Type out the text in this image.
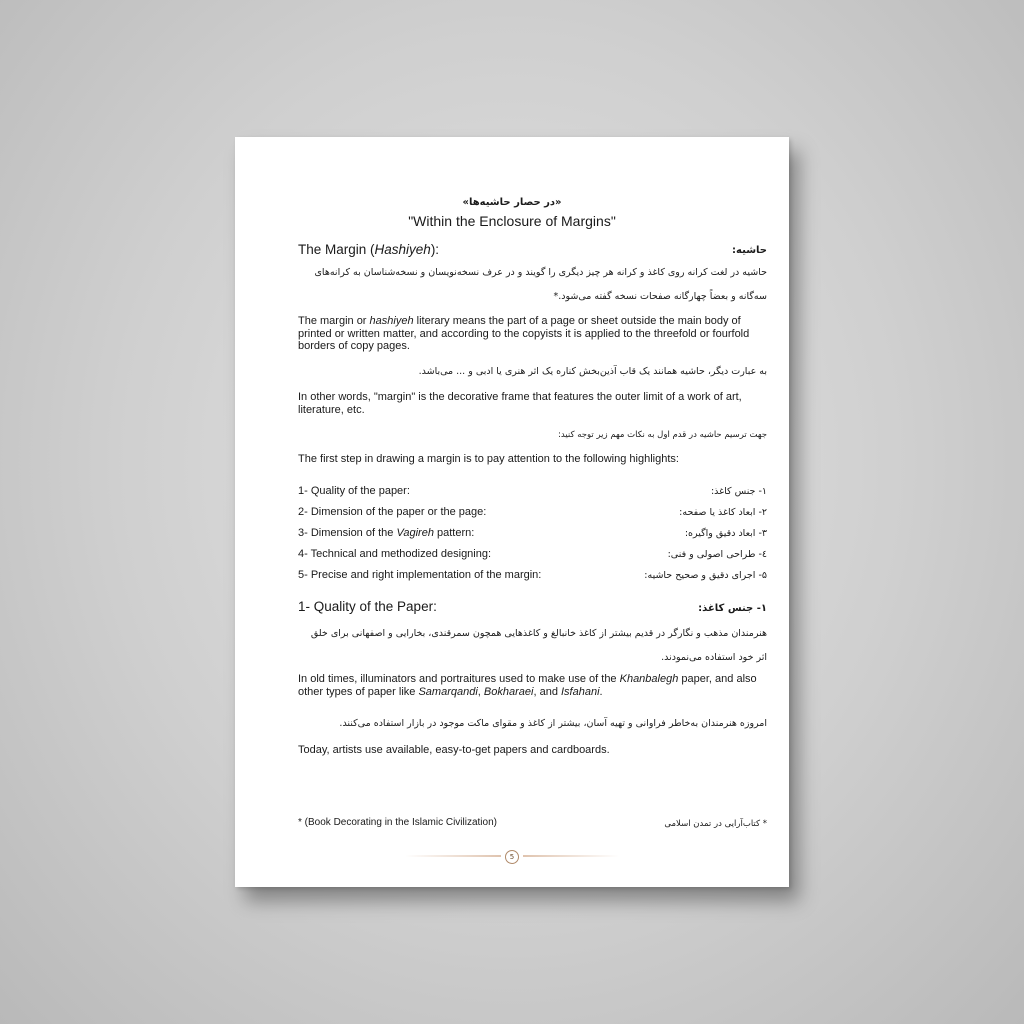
«در حصار حاشیه‌ها»
"Within the Enclosure of Margins"
The Margin (Hashiyeh):	حاشیه:
حاشیه در لغت کرانه روی کاغذ و کرانه هر چیز دیگری را گویند و در عرف نسخه‌نویسان و نسخه‌شناسان به کرانه‌های
سه‌گانه و بعضاً چهارگانه صفحات نسخه گفته می‌شود.*
The margin or hashiyeh literary means the part of a page or sheet outside the main body of printed or written matter, and according to the copyists it is applied to the threefold or fourfold borders of copy pages.
به عبارت دیگر، حاشیه همانند یک قاب آذین‌بخش کناره یک اثر هنری یا ادبی و ... می‌باشد.
In other words, "margin" is the decorative frame that features the outer limit of a work of art, literature, etc.
جهت ترسیم حاشیه در قدم اول به نکات مهم زیر توجه کنید:
The first step in drawing a margin is to pay attention to the following highlights:
1- Quality of the paper:	۱- جنس کاغذ:
2- Dimension of the paper or the page:	۲- ابعاد کاغذ یا صفحه:
3- Dimension of the Vagireh pattern:	۳- ابعاد دقیق واگیره:
4- Technical and methodized designing:	٤- طراحی اصولی و فنی:
5- Precise and right implementation of the margin:	۵- اجرای دقیق و صحیح حاشیه:
1- Quality of the Paper:	۱- جنس کاغذ:
هنرمندان مذهب و نگارگر در قدیم بیشتر از کاغذ خانبالغ و کاغذهایی همچون سمرقندی، بخارایی و اصفهانی برای خلق
اثر خود استفاده می‌نمودند.
In old times, illuminators and portraitures used to make use of the Khanbalegh paper, and also other types of paper like Samarqandi, Bokharaei, and Isfahani.
امروزه هنرمندان به‌خاطر فراوانی و تهیه آسان، بیشتر از کاغذ و مقوای ماکت موجود در بازار استفاده می‌کنند.
Today, artists use available, easy-to-get papers and cardboards.
* (Book Decorating in the Islamic Civilization)	* کتاب‌آرایی در تمدن اسلامی
5
